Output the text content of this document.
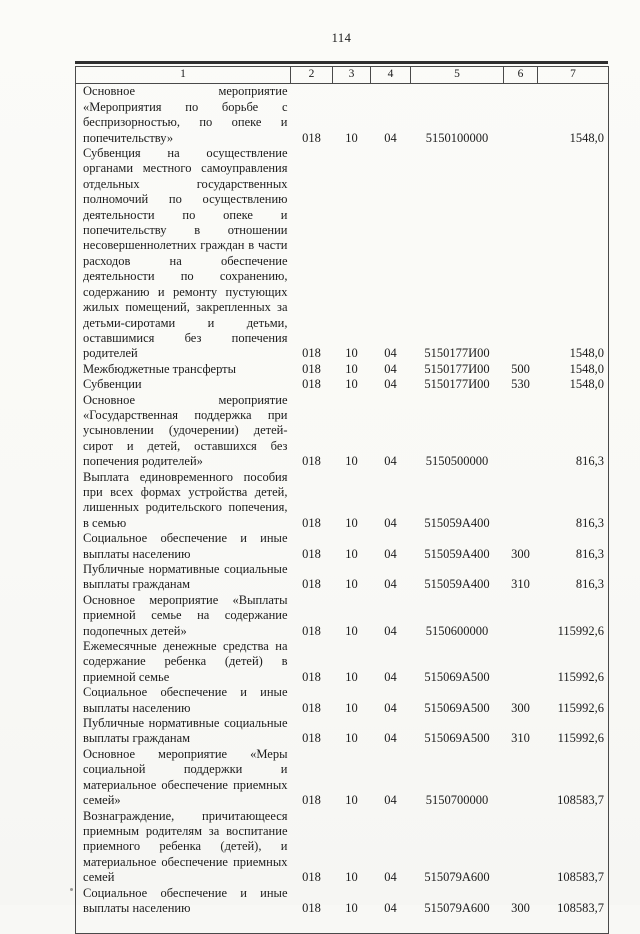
114
1	2	3	4	5	6	7
Основное мероприятие «Мероприятия по борьбе с беспризорностью, по опеке и попечительству»	018	10	04	5150100000		1548,0
Субвенция на осуществление органами местного самоуправления отдельных государственных полномочий по осуществлению деятельности по опеке и попечительству в отношении несовершеннолетних граждан в части расходов на обеспечение деятельности по сохранению, содержанию и ремонту пустующих жилых помещений, закрепленных за детьми-сиротами и детьми, оставшимися без попечения родителей	018	10	04	5150177И00		1548,0
Межбюджетные трансферты	018	10	04	5150177И00	500	1548,0
Субвенции	018	10	04	5150177И00	530	1548,0
Основное мероприятие «Государственная поддержка при усыновлении (удочерении) детей-сирот и детей, оставшихся без попечения родителей»	018	10	04	5150500000		816,3
Выплата единовременного пособия при всех формах устройства детей, лишенных родительского попечения, в семью	018	10	04	515059А400		816,3
Социальное обеспечение и иные выплаты населению	018	10	04	515059А400	300	816,3
Публичные нормативные социальные выплаты гражданам	018	10	04	515059А400	310	816,3
Основное мероприятие «Выплаты приемной семье на содержание подопечных детей»	018	10	04	5150600000		115992,6
Ежемесячные денежные средства на содержание ребенка (детей) в приемной семье	018	10	04	515069А500		115992,6
Социальное обеспечение и иные выплаты населению	018	10	04	515069А500	300	115992,6
Публичные нормативные социальные выплаты гражданам	018	10	04	515069А500	310	115992,6
Основное мероприятие «Меры социальной поддержки и материальное обеспечение приемных семей»	018	10	04	5150700000		108583,7
Вознаграждение, причитающееся приемным родителям за воспитание приемного ребенка (детей), и материальное обеспечение приемных семей	018	10	04	515079А600		108583,7
Социальное обеспечение и иные выплаты населению	018	10	04	515079А600	300	108583,7
